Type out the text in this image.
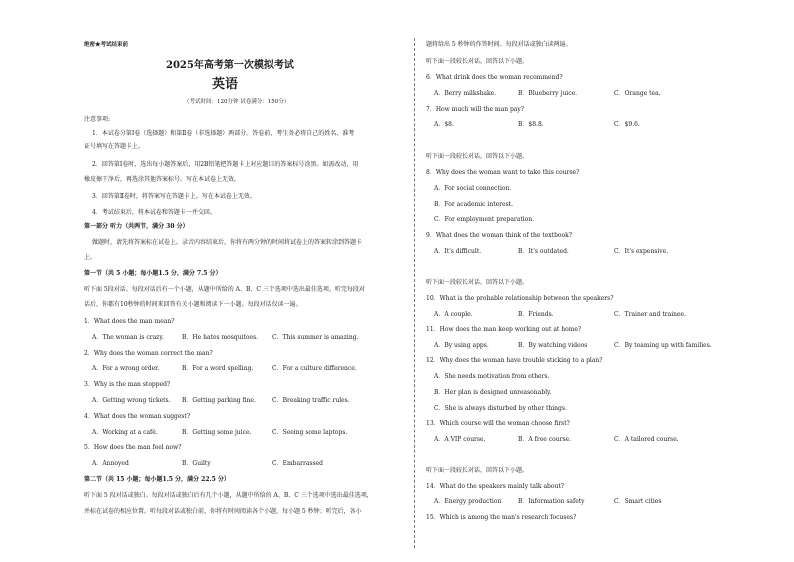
绝密★考试结束前
2025年高考第一次模拟考试
英语
（考试时间：120分钟 试卷满分：150分）
注意事项:
1．本试卷分第Ⅰ卷（选择题）和第Ⅱ卷（非选择题）两部分。答卷前，考生务必将自己的姓名、准考
证号填写在答题卡上。
2．回答第Ⅰ卷时，选出每小题答案后，用2B铅笔把答题卡上对应题目的答案标号涂黑。如需改动，用
橡皮擦干净后，再选涂其他答案标号。写在本试卷上无效。
3．回答第Ⅱ卷时，将答案写在答题卡上。写在本试卷上无效。
4．考试结束后，将本试卷和答题卡一并交回。
第一部分 听力（共两节，满分 30 分）
做题时，请先将答案标在试卷上。录音内容结束后，你将有两分钟的时间将试卷上的答案转涂到答题卡
上。
第一节（共 5 小题；每小题1.5 分，满分 7.5 分）
听下面 5段对话。每段对话后有一个小题，从题中所给的 A、B、C 三个选项中选出最佳选项。听完每段对
话后，你都有10秒钟的时间来回答有关小题和阅读下一小题。每段对话仅读一遍。
1．What does the man mean?
A．The woman is crazy.	B．He hates mosquitoes. C．This summer is amazing.
2．Why does the woman correct the man?
A．For a wrong order.	B．For a word spelling.	C．For a culture difference.
3．Why is the man stopped?
A．Getting wrong tickets. B．Getting parking fine.	C．Breaking traffic rules.
4．What does the woman suggest?
A．Working at a café.	B．Getting some juice.	C．Seeing some laptops.
5．How does the man feel now?
A．Annoyed	B．Guilty	C．Embarrassed
第二节（共 15 小题；每小题1.5 分，满分 22.5 分）
听下面 5 段对话或独白。每段对话或独白后有几个小题，从题中所给的 A、B、C 三个选项中选出最佳选项，
并标在试卷的相应位置。听每段对话或独白前，你将有时间阅读各个小题，每小题 5 秒钟；听完后，各小
题将给出 5 秒钟的作答时间。每段对话或独白读两遍。
听下面一段较长对话，回答以下小题。
6．What drink does the woman recommend?
A．Berry milkshake.	B．Blueberry juice.	C．Orange tea.
7．How much will the man pay?
A．$8.	B．$8.8.	C．$9.6.
听下面一段较长对话，回答以下小题。
8．Why does the woman want to take this course?
A．For social connection.
B．For academic interest.
C．For employment preparation.
9．What does the woman think of the textbook?
A．It's difficult.	B．It's outdated.	C．It's expensive.
听下面一段较长对话，回答以下小题。
10．What is the probable relationship between the speakers?
A．A couple.	B．Friends.	C．Trainer and trainee.
11．How does the man keep working out at home?
A．By using apps.	B．By watching videos	C．By teaming up with families.
12．Why does the woman have trouble sticking to a plan?
A．She needs motivation from others.
B．Her plan is designed unreasonably.
C．She is always disturbed by other things.
13．Which course will the woman choose first?
A．A VIP course.	B．A free course.	C．A tailored course.
听下面一段较长对话，回答以下小题。
14．What do the speakers mainly talk about?
A．Energy production	B．Information safety	C．Smart cities
15．Which is among the man's research focuses?
